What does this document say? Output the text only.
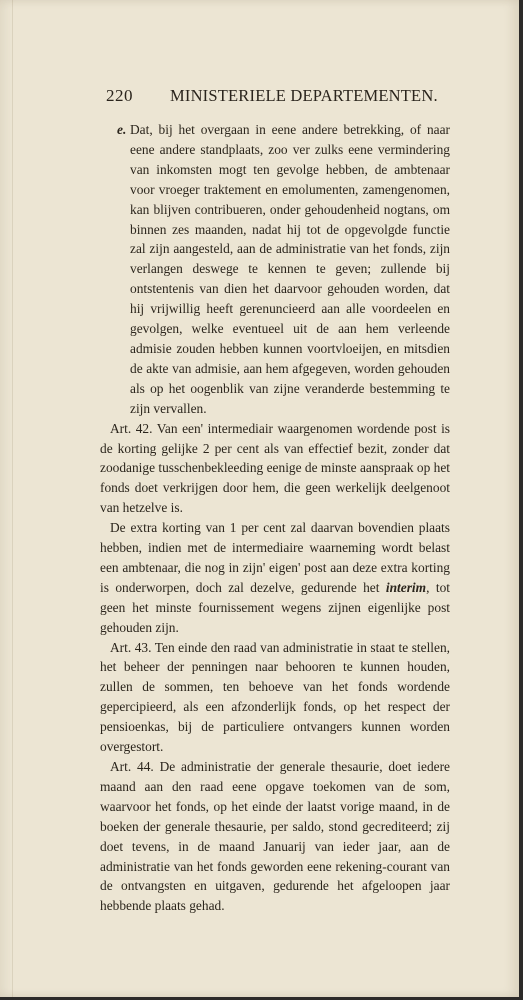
220 MINISTERIELE DEPARTEMENTEN.

e. Dat, bij het overgaan in eene andere betrekking, of naar eene andere standplaats, zoo ver zulks eene vermindering van inkomsten mogt ten gevolge hebben, de ambtenaar voor vroeger traktement en emolumenten, zamengenomen, kan blijven contribueren, onder gehoudenheid nogtans, om binnen zes maanden, nadat hij tot de opgevolgde functie zal zijn aangesteld, aan de administratie van het fonds, zijn verlangen deswege te kennen te geven; zullende bij ontstentenis van dien het daarvoor gehouden worden, dat hij vrijwillig heeft gerenuncieerd aan alle voordeelen en gevolgen, welke eventueel uit de aan hem verleende admisie zouden hebben kunnen voortvloeijen, en mitsdien de akte van admisie, aan hem afgegeven, worden gehouden als op het oogenblik van zijne veranderde bestemming te zijn vervallen.

Art. 42. Van een' intermediair waargenomen wordende post is de korting gelijke 2 per cent als van effectief bezit, zonder dat zoodanige tusschenbekleeding eenige de minste aanspraak op het fonds doet verkrijgen door hem, die geen werkelijk deelgenoot van hetzelve is.

De extra korting van 1 per cent zal daarvan bovendien plaats hebben, indien met de intermediaire waarneming wordt belast een ambtenaar, die nog in zijn' eigen' post aan deze extra korting is onderworpen, doch zal dezelve, gedurende het interim, tot geen het minste fournissement wegens zijnen eigenlijke post gehouden zijn.

Art. 43. Ten einde den raad van administratie in staat te stellen, het beheer der penningen naar behooren te kunnen houden, zullen de sommen, ten behoeve van het fonds wordende gepercipieerd, als een afzonderlijk fonds, op het respect der pensioenkas, bij de particuliere ontvangers kunnen worden overgestort.

Art. 44. De administratie der generale thesaurie, doet iedere maand aan den raad eene opgave toekomen van de som, waarvoor het fonds, op het einde der laatst vorige maand, in de boeken der generale thesaurie, per saldo, stond gecrediteerd; zij doet tevens, in de maand Januarij van ieder jaar, aan de administratie van het fonds geworden eene rekening-courant van de ontvangsten en uitgaven, gedurende het afgeloopen jaar hebbende plaats gehad.
